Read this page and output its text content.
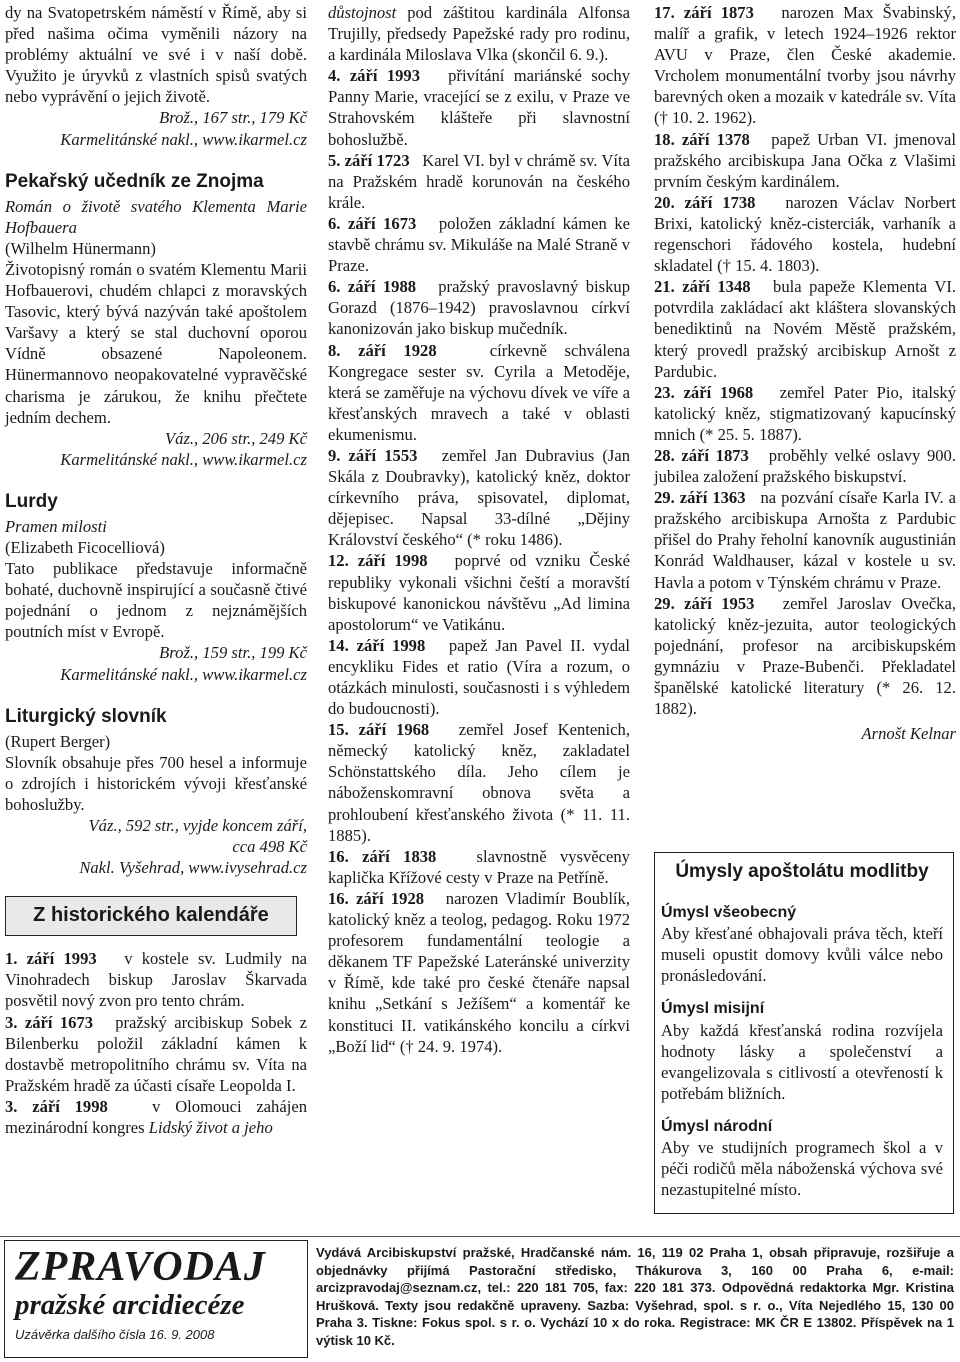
dy na Svatopetrském náměstí v Římě, aby si před našima očima vyměnili názory na problémy aktuální ve své i v naší době. Využito je úryvků z vlastních spisů svatých nebo vyprávění o jejich životě.

Brož., 167 str., 179 Kč

Karmelitánské nakl., www.ikarmel.cz

Pekařský učedník ze Znojma

Román o životě svatého Klementa Marie Hofbauera

(Wilhelm Hünermann)

Životopisný román o svatém Klementu Marii Hofbauerovi, chudém chlapci z moravských Tasovic, který bývá nazýván také apoštolem Varšavy a který se stal duchovní oporou Vídně obsazené Napoleonem. Hünermannovo neopakovatelné vypravěčské charisma je zárukou, že knihu přečtete jedním dechem.

Váz., 206 str., 249 Kč

Karmelitánské nakl., www.ikarmel.cz

Lurdy

Pramen milosti

(Elizabeth Ficocelliová)

Tato publikace představuje informačně bohaté, duchovně inspirující a současně čtivé pojednání o jednom z nejznámějších poutních míst v Evropě.

Brož., 159 str., 199 Kč

Karmelitánské nakl., www.ikarmel.cz

Liturgický slovník

(Rupert Berger)

Slovník obsahuje přes 700 hesel a informuje o zdrojích i historickém vývoji křesťanské bohoslužby.

Váz., 592 str., vyjde koncem září,

cca 498 Kč

Nakl. Vyšehrad, www.ivysehrad.cz

Z historického kalendáře

1. září 1993 v kostele sv. Ludmily na Vinohradech biskup Jaroslav Škarvada posvětil nový zvon pro tento chrám.

3. září 1673 pražský arcibiskup Sobek z Bilenberku položil základní kámen k dostavbě metropolitního chrámu sv. Víta na Pražském hradě za účasti císaře Leopolda I.

3. září 1998	v Olomouci zahájen mezinárodní kongres Lidský život a jeho

důstojnost pod záštitou kardinála Alfonsa Trujilly, předsedy Papežské rady pro rodinu, a kardinála Miloslava Vlka (skončil 6. 9.).

4. září 1993 přivítání mariánské sochy Panny Marie, vracející se z exilu, v Praze ve Strahovském klášteře při slavnostní bohoslužbě.

5. září 1723 Karel VI. byl v chrámě sv. Víta na Pražském hradě korunován na českého krále.

6. září 1673 položen základní kámen ke stavbě chrámu sv. Mikuláše na Malé Straně v Praze.

6. září 1988 pražský pravoslavný biskup Gorazd (1876–1942) pravoslavnou církví kanonizován jako biskup mučedník.

8. září 1928	církevně schválena Kongregace sester sv. Cyrila a Metoděje, která se zaměřuje na výchovu dívek ve víře a křesťanských mravech a také v oblasti ekumenismu.

9. září 1553 zemřel Jan Dubravius (Jan Skála z Doubravky), katolický kněz, doktor církevního práva, spisovatel, diplomat, dějepisec. Napsal 33-dílné „Dějiny Království českého“ (* roku 1486).

12. září 1998 poprvé od vzniku České republiky vykonali všichni čeští a moravští biskupové kanonickou návštěvu „Ad limina apostolorum“ ve Vatikánu.

14. září 1998 papež Jan Pavel II. vydal encykliku Fides et ratio (Víra a rozum, o otázkách minulosti, současnosti i s výhledem do budoucnosti).

15. září 1968 zemřel Josef Kentenich, německý katolický kněz, zakladatel Schönstattského díla. Jeho cílem je náboženskomravní obnova světa a prohloubení křesťanského života (* 11. 11. 1885).

16. září 1838 slavnostně vysvěceny kaplička Křížové cesty v Praze na Petříně.

16. září 1928 narozen Vladimír Boublík, katolický kněz a teolog, pedagog. Roku 1972 profesorem fundamentální teologie a děkanem TF Papežské Lateránské univerzity v Římě, kde také pro české čtenáře napsal knihu „Setkání s Ježíšem“ a komentář ke konstituci II. vatikánského koncilu a církvi „Boží lid“ († 24. 9. 1974).

17. září 1873 narozen Max Švabinský, malíř a grafik, v letech 1924–1926 rektor AVU v Praze, člen České akademie. Vrcholem monumentální tvorby jsou návrhy barevných oken a mozaik v katedrále sv. Víta († 10. 2. 1962).

18. září 1378 papež Urban VI. jmenoval pražského arcibiskupa Jana Očka z Vlašimi prvním českým kardinálem.

20. září 1738 narozen Václav Norbert Brixi, katolický kněz-cisterciák, varhaník a regenschori řádového kostela, hudební skladatel († 15. 4. 1803).

21. září 1348 bula papeže Klementa VI. potvrdila zakládací akt kláštera slovanských benediktinů na Novém Městě pražském, který provedl pražský arcibiskup Arnošt z Pardubic.

23. září 1968 zemřel Pater Pio, italský katolický kněz, stigmatizovaný kapucínský mnich (* 25. 5. 1887).

28. září 1873 proběhly velké oslavy 900. jubilea založení pražského biskupství.

29. září 1363 na pozvání císaře Karla IV. a pražského arcibiskupa Arnošta z Pardubic přišel do Prahy řeholní kanovník augustinián Konrád Waldhauser, kázal v kostele u sv. Havla a potom v Týnském chrámu v Praze.

29. září 1953 zemřel Jaroslav Ovečka, katolický kněz-jezuita, autor teologických pojednání, profesor na arcibiskupském gymnáziu v Praze-Bubenči. Překladatel španělské katolické literatury (* 26. 12. 1882).

Arnošt Kelnar

Úmysly apoštolátu modlitby
Úmysl všeobecný

Aby křesťané obhajovali práva těch, kteří museli opustit domovy kvůli válce nebo pronásledování.

Úmysl misijní

Aby každá křesťanská rodina rozvíjela hodnoty lásky a společenství a evangelizovala s citlivostí a otevřeností k potřebám bližních.

Úmysl národní

Aby ve studijních programech škol a v péči rodičů měla náboženská výchova své nezastupitelné místo.

ZPRAVODAJ
pražské arcidiecéze
Uzávěrka dalšího čísla 16. 9. 2008
Vydává Arcibiskupství pražské, Hradčanské nám. 16, 119 02 Praha 1, obsah připravuje, rozšiřuje a objednávky přijímá Pastorační středisko, Thákurova 3, 160 00 Praha 6, e-mail: arcizpravodaj@seznam.cz, tel.: 220 181 705, fax: 220 181 373. Odpovědná redaktorka Mgr. Kristina Hrušková. Texty jsou redakčně upraveny. Sazba: Vyšehrad, spol. s r. o., Víta Nejedlého 15, 130 00 Praha 3. Tiskne: Fokus spol. s r. o. Vychází 10 x do roka. Registrace: MK ČR E 13802. Příspěvek na 1 výtisk 10 Kč.
